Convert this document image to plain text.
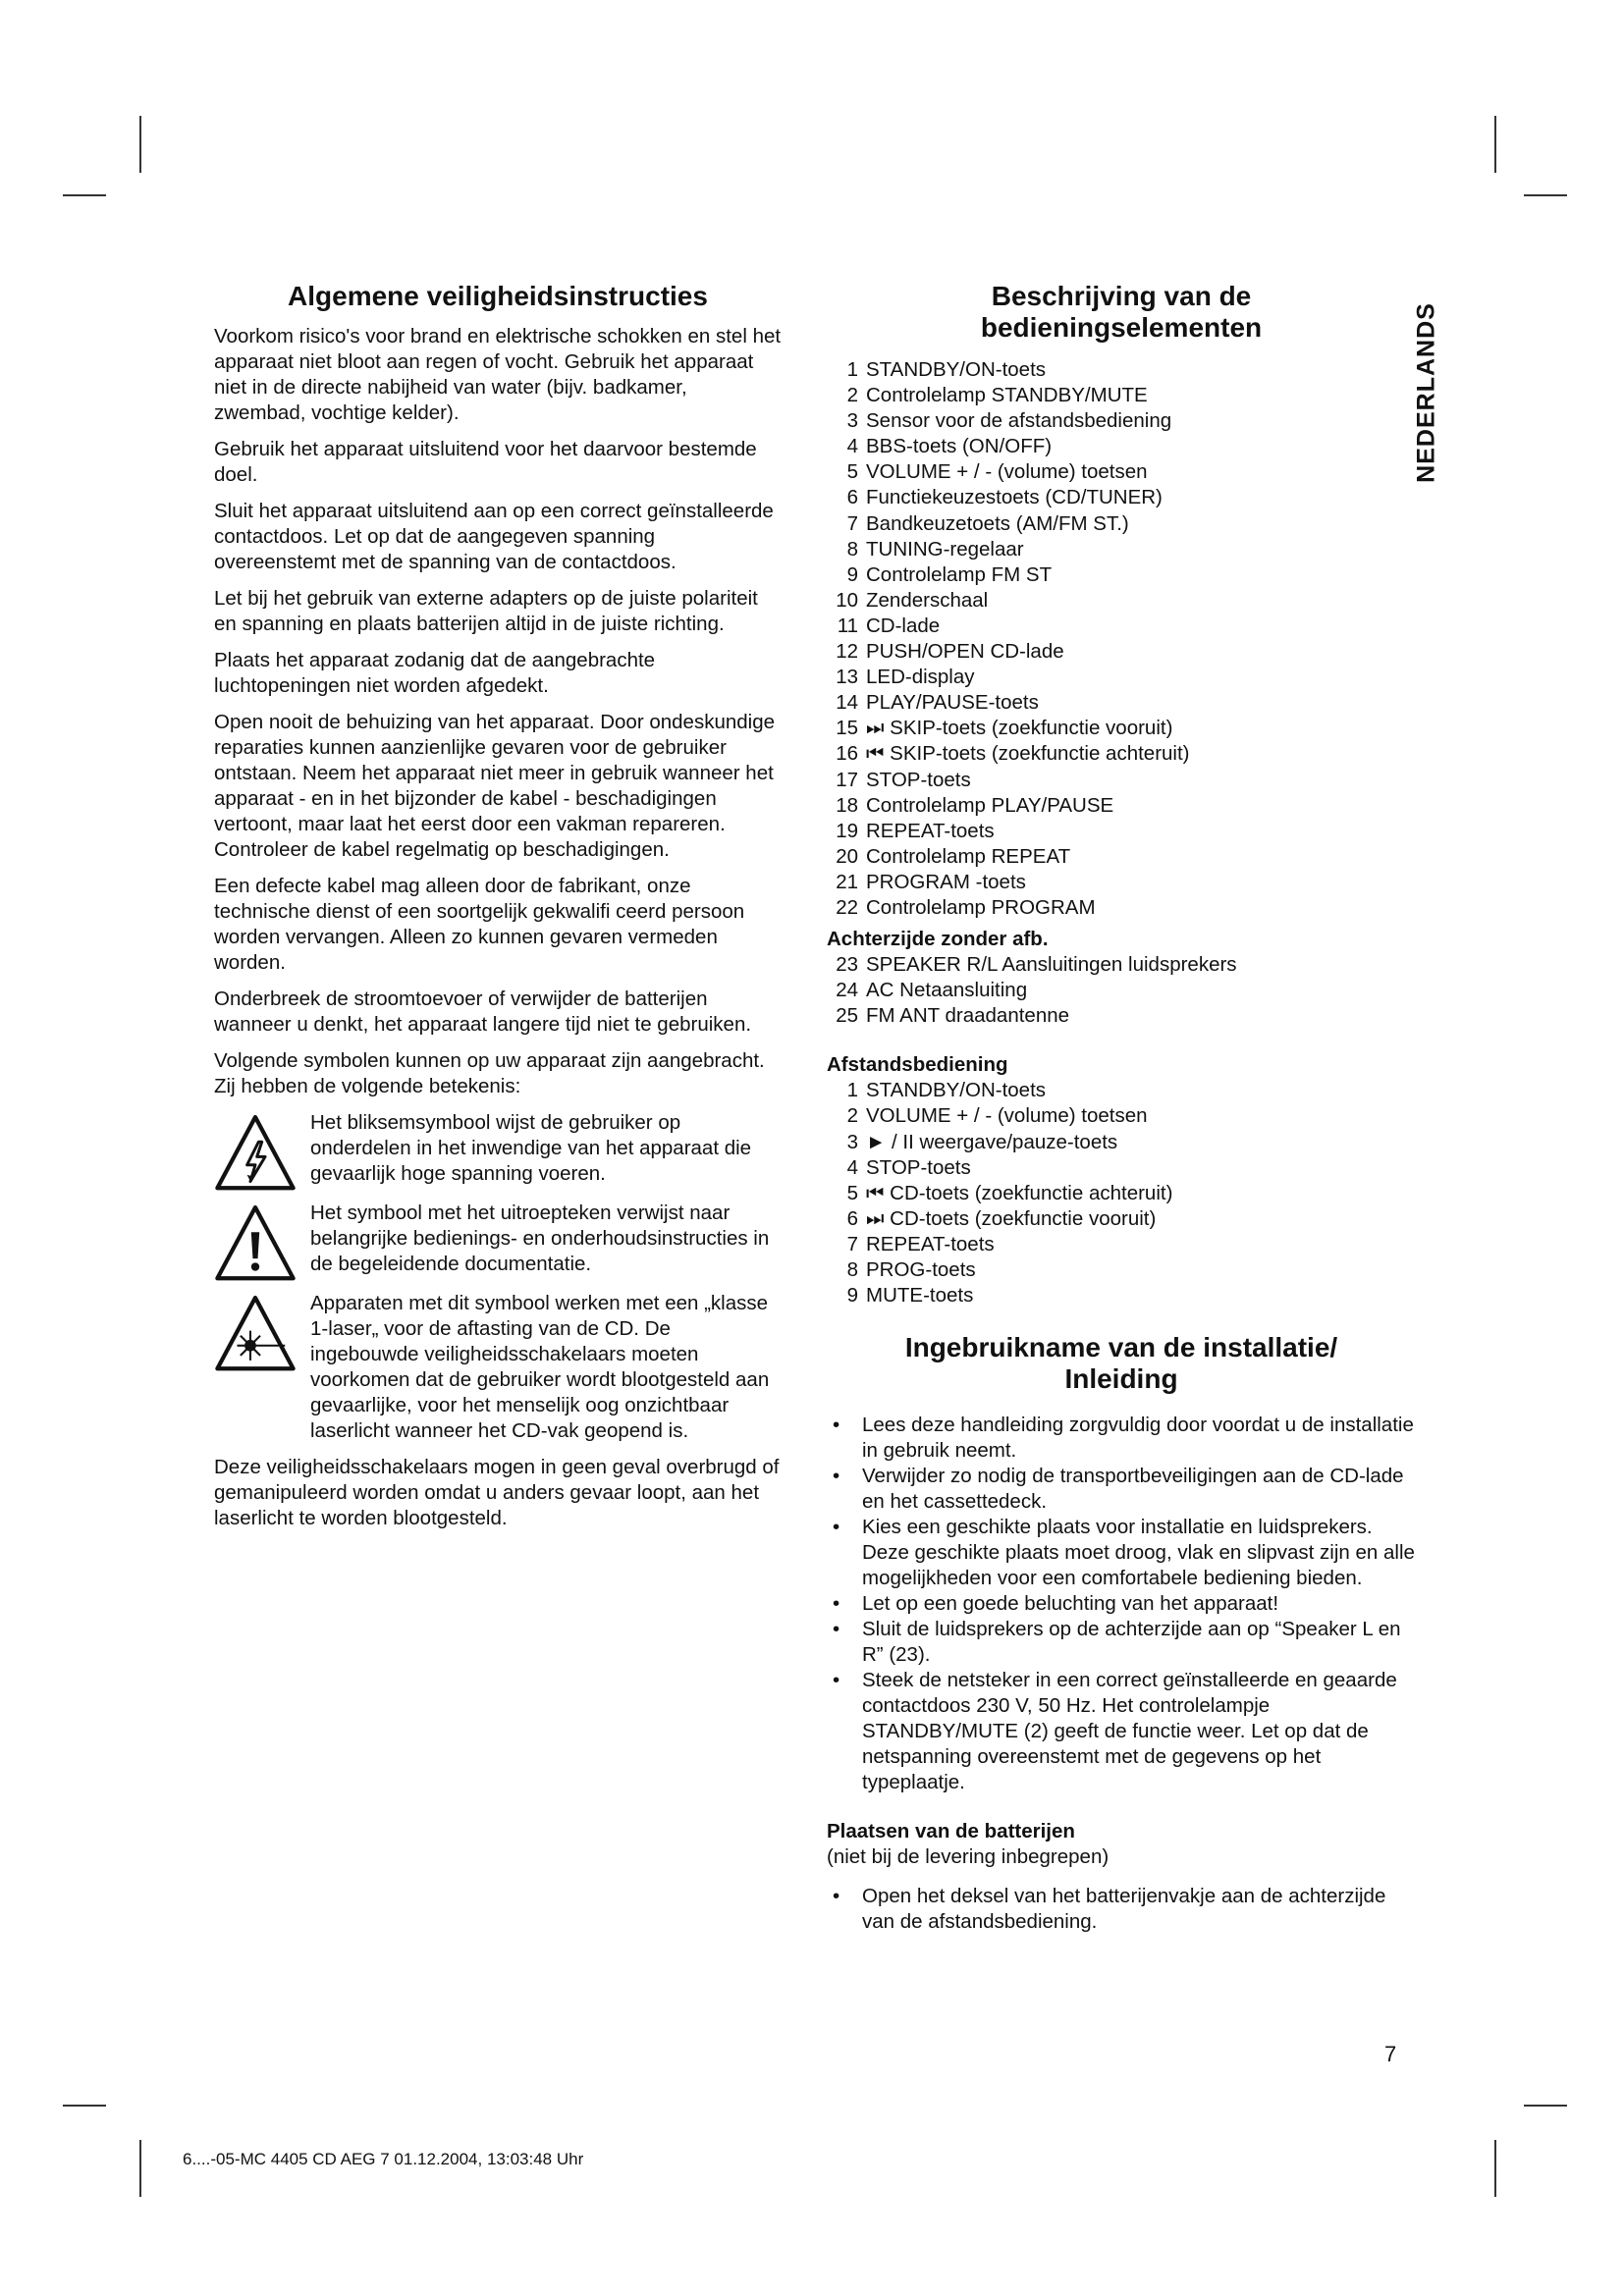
Algemene veiligheidsinstructies

Voorkom risico's voor brand en elektrische schokken en stel het apparaat niet bloot aan regen of vocht. Gebruik het apparaat niet in de directe nabijheid van water (bijv. badkamer, zwembad, vochtige kelder).

Gebruik het apparaat uitsluitend voor het daarvoor bestemde doel.

Sluit het apparaat uitsluitend aan op een correct geïnstalleerde contactdoos. Let op dat de aangegeven spanning overeenstemt met de spanning van de contactdoos.

Let bij het gebruik van externe adapters op de juiste polariteit en spanning en plaats batterijen altijd in de juiste richting.

Plaats het apparaat zodanig dat de aangebrachte luchtopeningen niet worden afgedekt.

Open nooit de behuizing van het apparaat. Door ondeskundige reparaties kunnen aanzienlijke gevaren voor de gebruiker ontstaan. Neem het apparaat niet meer in gebruik wanneer het apparaat - en in het bijzonder de kabel - beschadigingen vertoont, maar laat het eerst door een vakman repareren. Controleer de kabel regelmatig op beschadigingen.

Een defecte kabel mag alleen door de fabrikant, onze technische dienst of een soortgelijk gekwalifi ceerd persoon worden vervangen. Alleen zo kunnen gevaren vermeden worden.

Onderbreek de stroomtoevoer of verwijder de batterijen wanneer u denkt, het apparaat langere tijd niet te gebruiken.

Volgende symbolen kunnen op uw apparaat zijn aangebracht. Zij hebben de volgende betekenis:

Het bliksemsymbool wijst de gebruiker op onderdelen in het inwendige van het apparaat die gevaarlijk hoge spanning voeren.
Het symbool met het uitroepteken verwijst naar belangrijke bedienings- en onderhoudsinstructies in de begeleidende documentatie.
Apparaten met dit symbool werken met een „klasse 1-laser„ voor de aftasting van de CD. De ingebouwde veiligheidsschakelaars moeten voorkomen dat de gebruiker wordt blootgesteld aan gevaarlijke, voor het menselijk oog onzichtbaar laserlicht wanneer het CD-vak geopend is.

Deze veiligheidsschakelaars mogen in geen geval overbrugd of gemanipuleerd worden omdat u anders gevaar loopt, aan het laserlicht te worden blootgesteld.

Beschrijving van de
bedieningselementen
1 STANDBY/ON-toets
2 Controlelamp STANDBY/MUTE
3 Sensor voor de afstandsbediening
4 BBS-toets (ON/OFF)
5 VOLUME + / - (volume) toetsen
6 Functiekeuzestoets (CD/TUNER)
7 Bandkeuzetoets (AM/FM ST.)
8 TUNING-regelaar
9 Controlelamp FM ST
10 Zenderschaal
11 CD-lade
12 PUSH/OPEN CD-lade
13 LED-display
14 PLAY/PAUSE-toets
15 ⏭ SKIP-toets (zoekfunctie vooruit)
16 ⏮ SKIP-toets (zoekfunctie achteruit)
17 STOP-toets
18 Controlelamp PLAY/PAUSE
19 REPEAT-toets
20 Controlelamp REPEAT
21 PROGRAM -toets
22 Controlelamp PROGRAM
Achterzijde zonder afb.
23 SPEAKER R/L Aansluitingen luidsprekers
24 AC Netaansluiting
25 FM ANT draadantenne
Afstandsbediening
1 STANDBY/ON-toets
2 VOLUME + / - (volume) toetsen
3 ► / II weergave/pauze-toets
4 STOP-toets
5 ⏮ CD-toets (zoekfunctie achteruit)
6 ⏭ CD-toets (zoekfunctie vooruit)
7 REPEAT-toets
8 PROG-toets
9 MUTE-toets
Ingebruikname van de installatie/
Inleiding
• Lees deze handleiding zorgvuldig door voordat u de installatie in gebruik neemt.
• Verwijder zo nodig de transportbeveiligingen aan de CD-lade en het cassettedeck.
• Kies een geschikte plaats voor installatie en luidsprekers. Deze geschikte plaats moet droog, vlak en slipvast zijn en alle mogelijkheden voor een comfortabele bediening bieden.
• Let op een goede beluchting van het apparaat!
• Sluit de luidsprekers op de achterzijde aan op “Speaker L en R” (23).
• Steek de netsteker in een correct geïnstalleerde en geaarde contactdoos 230 V, 50 Hz. Het controlelampje STANDBY/MUTE (2) geeft de functie weer. Let op dat de netspanning overeenstemt met de gegevens op het typeplaatje.
Plaatsen van de batterijen
(niet bij de levering inbegrepen)
• Open het deksel van het batterijenvakje aan de achterzijde van de afstandsbediening.
NEDERLANDS
7
6....-05-MC 4405 CD AEG 7 01.12.2004, 13:03:48 Uhr
